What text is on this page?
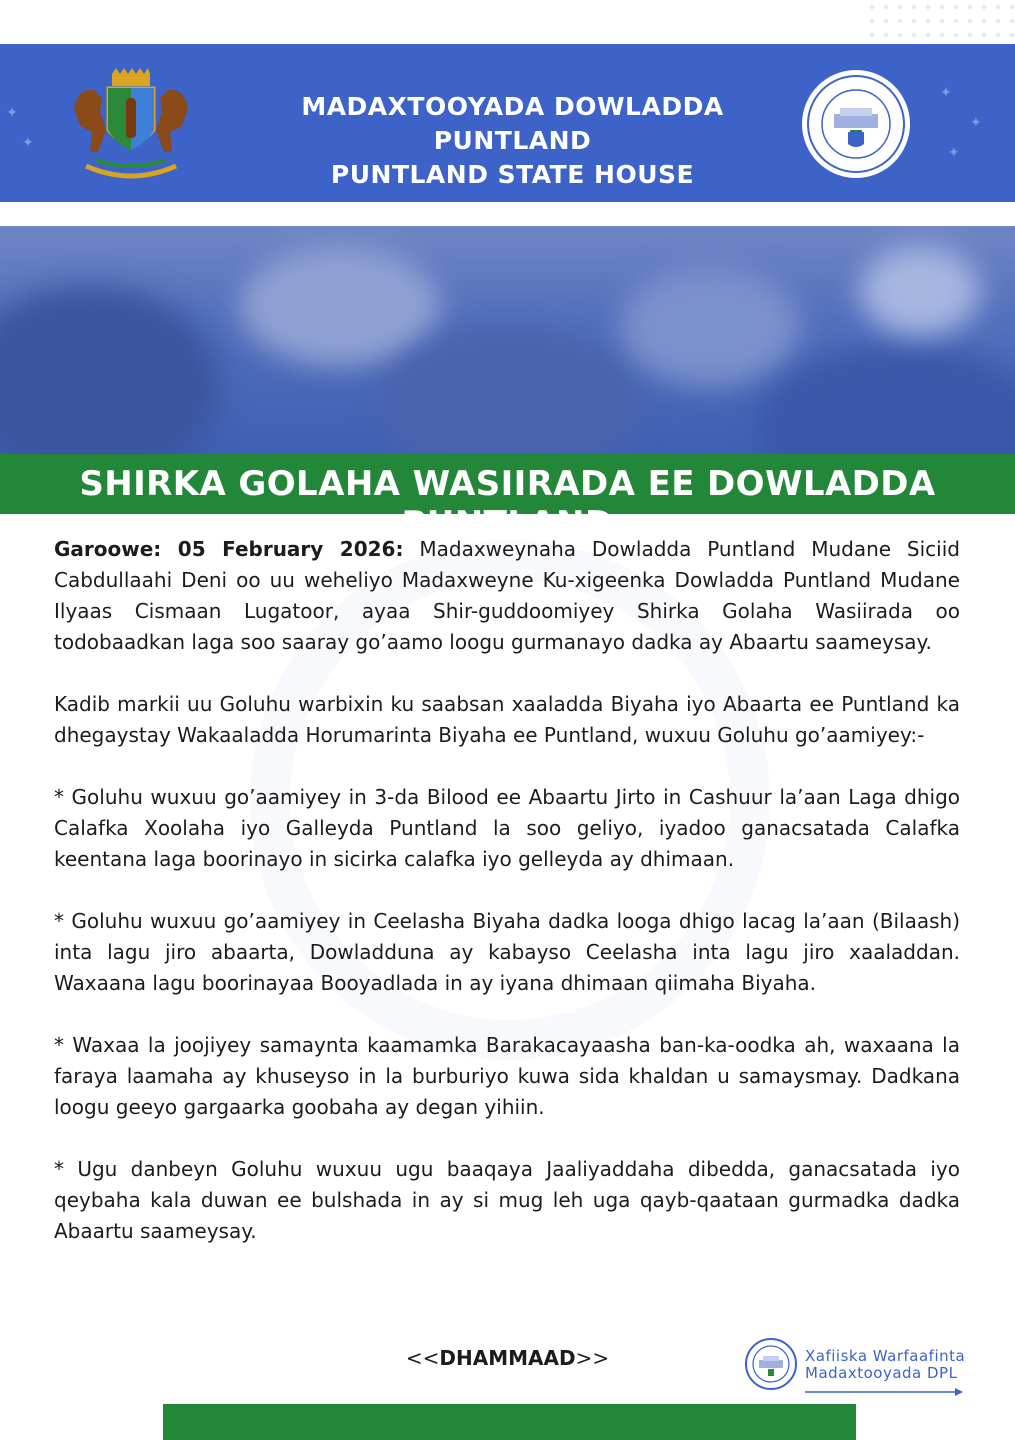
✦
✦
✦
✦
✦
MADAXTOOYADA DOWLADDA PUNTLAND
PUNTLAND STATE HOUSE
SHIRKA GOLAHA WASIIRADA EE DOWLADDA PUNTLAND

Garoowe: 05 February 2026: Madaxweynaha Dowladda Puntland Mudane Siciid Cabdullaahi Deni oo uu weheliyo Madaxweyne Ku-xigeenka Dowladda Puntland Mudane Ilyaas Cismaan Lugatoor, ayaa Shir-guddoomiyey Shirka Golaha Wasiirada oo todobaadkan laga soo saaray go’aamo loogu gurmanayo dadka ay Abaartu saameysay.

Kadib markii uu Goluhu warbixin ku saabsan xaaladda Biyaha iyo Abaarta ee Puntland ka dhegaystay Wakaaladda Horumarinta Biyaha ee Puntland, wuxuu Goluhu go’aamiyey:-

* Goluhu wuxuu go’aamiyey in 3-da Bilood ee Abaartu Jirto in Cashuur la’aan Laga dhigo Calafka Xoolaha iyo Galleyda Puntland la soo geliyo, iyadoo ganacsatada Calafka keentana laga boorinayo in sicirka calafka iyo gelleyda ay dhimaan.

* Goluhu wuxuu go’aamiyey in Ceelasha Biyaha dadka looga dhigo lacag la’aan (Bilaash) inta lagu jiro abaarta, Dowladduna ay kabayso Ceelasha inta lagu jiro xaaladdan. Waxaana lagu boorinayaa Booyadlada in ay iyana dhimaan qiimaha Biyaha.

* Waxaa la joojiyey samaynta kaamamka Barakacayaasha ban-ka-oodka ah, waxaana la faraya laamaha ay khuseyso in la burburiyo kuwa sida khaldan u samaysmay. Dadkana loogu geeyo gargaarka goobaha ay degan yihiin.

* Ugu danbeyn Goluhu wuxuu ugu baaqaya Jaaliyaddaha dibedda, ganacsatada iyo qeybaha kala duwan ee bulshada in ay si mug leh uga qayb-qaataan gurmadka dadka Abaartu saameysay.

<<DHAMMAAD>>	Xafiiska Warfaafinta
Madaxtooyada DPL
